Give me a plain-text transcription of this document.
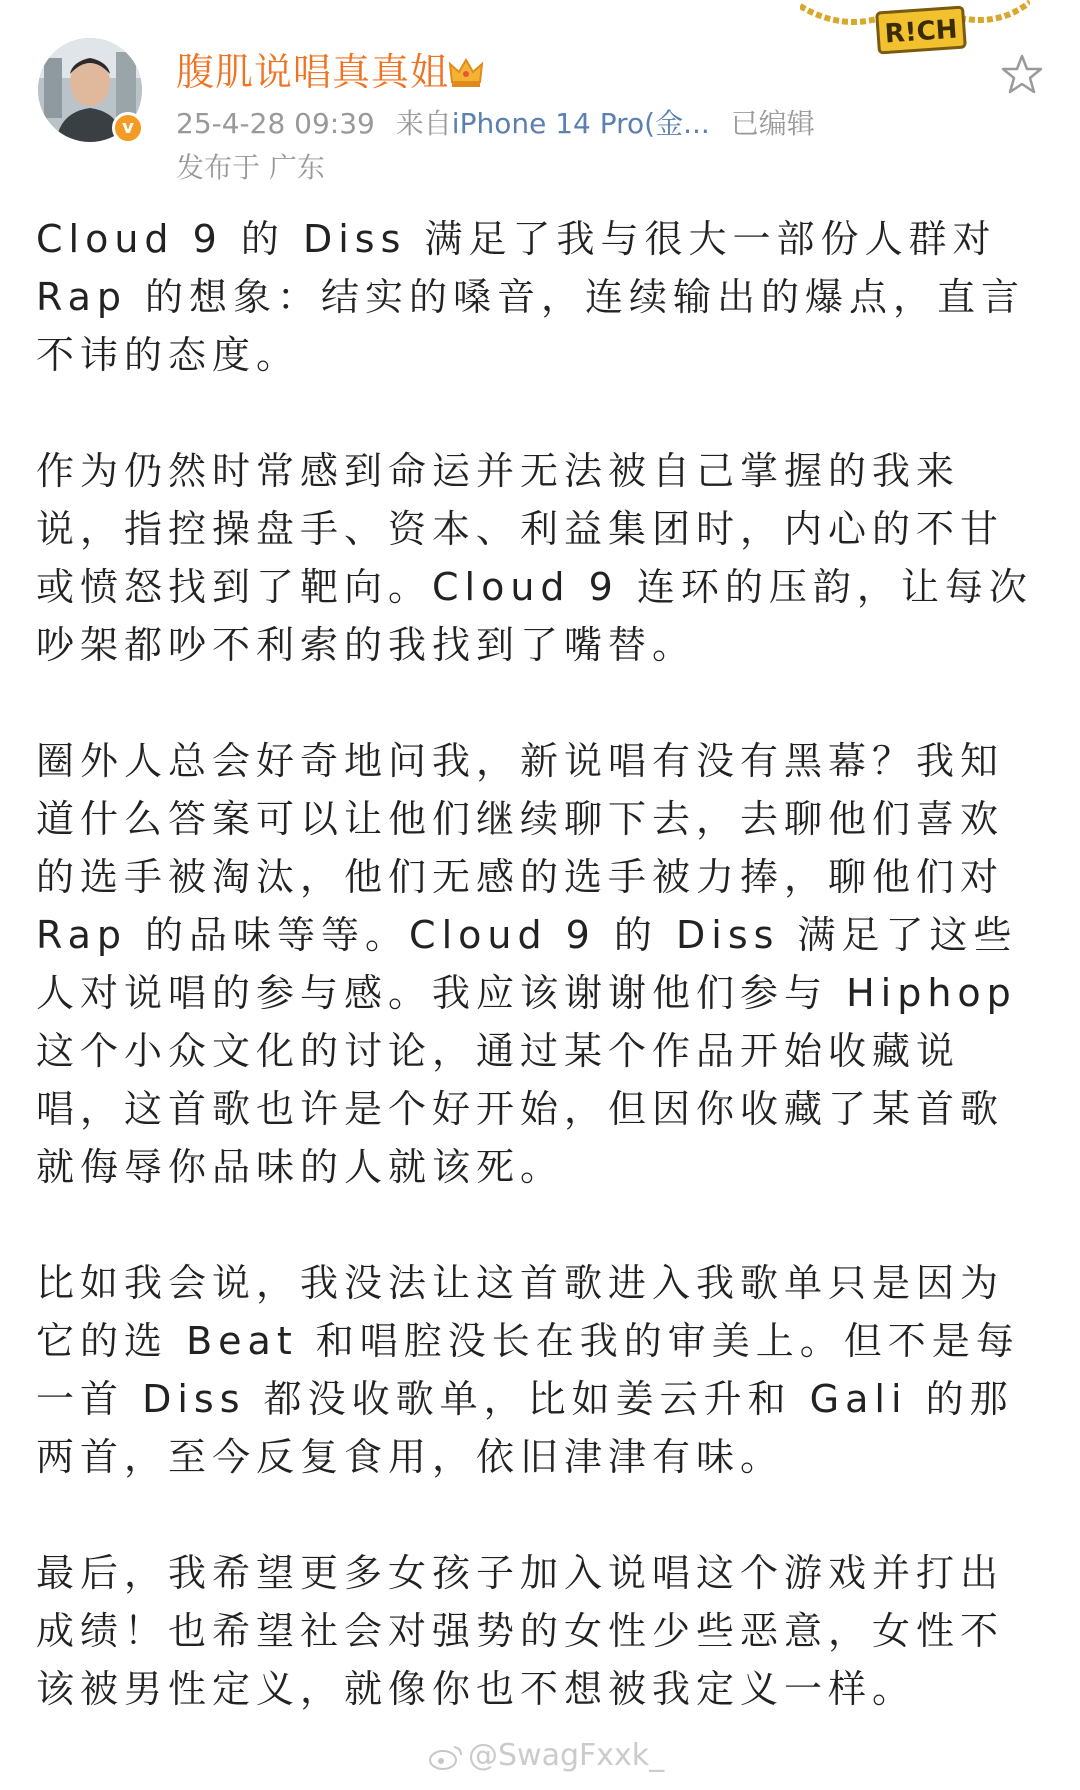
v
腹肌说唱真真姐
25-4-28 09:39 来自iPhone 14 Pro(金... 已编辑
发布于 广东
R!CH

Cloud 9 的 Diss 满足了我与很大一部份人群对 Rap 的想象：结实的嗓音，连续输出的爆点，直言不讳的态度。

作为仍然时常感到命运并无法被自己掌握的我来说，指控操盘手、资本、利益集团时，内心的不甘或愤怒找到了靶向。Cloud 9 连环的压韵，让每次吵架都吵不利索的我找到了嘴替。

圈外人总会好奇地问我，新说唱有没有黑幕？我知道什么答案可以让他们继续聊下去，去聊他们喜欢的选手被淘汰，他们无感的选手被力捧，聊他们对 Rap 的品味等等。Cloud 9 的 Diss 满足了这些人对说唱的参与感。我应该谢谢他们参与 Hiphop 这个小众文化的讨论，通过某个作品开始收藏说唱，这首歌也许是个好开始，但因你收藏了某首歌就侮辱你品味的人就该死。

比如我会说，我没法让这首歌进入我歌单只是因为它的选 Beat 和唱腔没长在我的审美上。但不是每一首 Diss 都没收歌单，比如姜云升和 Gali 的那两首，至今反复食用，依旧津津有味。

最后，我希望更多女孩子加入说唱这个游戏并打出成绩！也希望社会对强势的女性少些恶意，女性不该被男性定义，就像你也不想被我定义一样。

@SwagFxxk_
